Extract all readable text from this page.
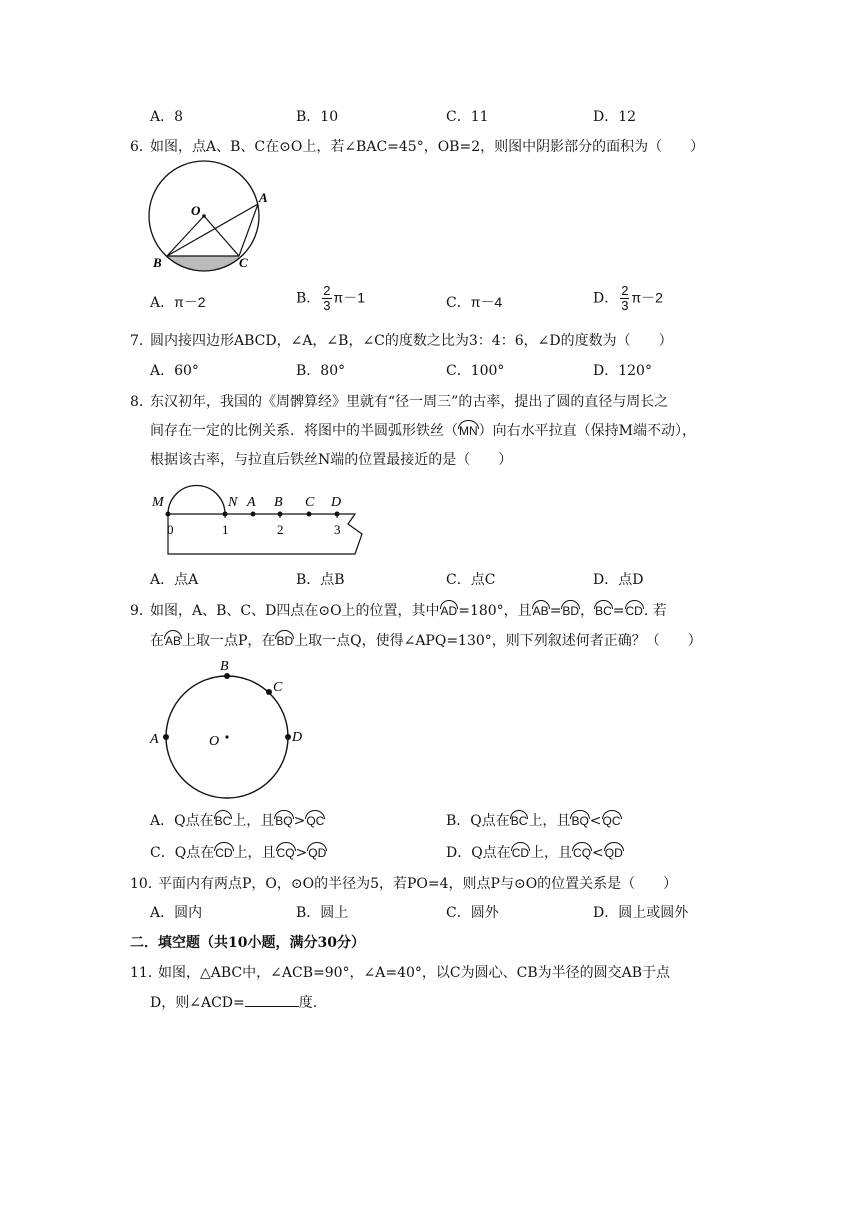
A．8	B．10	C．11	D．12
6．
如图，点A、B、C在⊙O上，若∠BAC=45°，OB=2，则图中阴影部分的面积为（　　）
O
A
B	C
A．π－2	B． $\frac{2}{3} \pi-1$	C．π－4	D． $\frac{2}{3} \pi-2$
7．
圆内接四边形ABCD，∠A，∠B，∠C的度数之比为3：4：6，∠D的度数为（　　）
A．60°	B．80°	C．100°	D．120°
8．
东汉初年，我国的《周髀算经》里就有“径一周三”的古率，提出了圆的直径与周长之
间存在一定的比例关系．将图中的半圆弧形铁丝（MN）向右水平拉直（保持M端不动），
根据该古率，与拉直后铁丝N端的位置最接近的是（　　）
M	N A B C D
0	1	2	3
A．点A	B．点B	C．点C	D．点D
9．
如图，A、B、C、D四点在⊙O上的位置，其中AD=180°，且AB=BD，BC=CD. 若
在AB上取一点P，在BD上取一点Q，使得∠APQ=130°，则下列叙述何者正确？（　　）
A
B
C
D
O
A．Q点在BC上，且BQ>QC	B．Q点在BC上，且BQ<QC
C．Q点在CD上，且CQ>QD	D．Q点在CD上，且CQ<QD
10．
平面内有两点P，O，⊙O的半径为5，若PO=4，则点P与⊙O的位置关系是（　　）
A．圆内	B．圆上	C．圆外	D．圆上或圆外
二．填空题（共10小题，满分30分）
11．
如图，△ABC中，∠ACB=90°，∠A=40°，以C为圆心、CB为半径的圆交AB于点
D，则∠ACD=	度.
